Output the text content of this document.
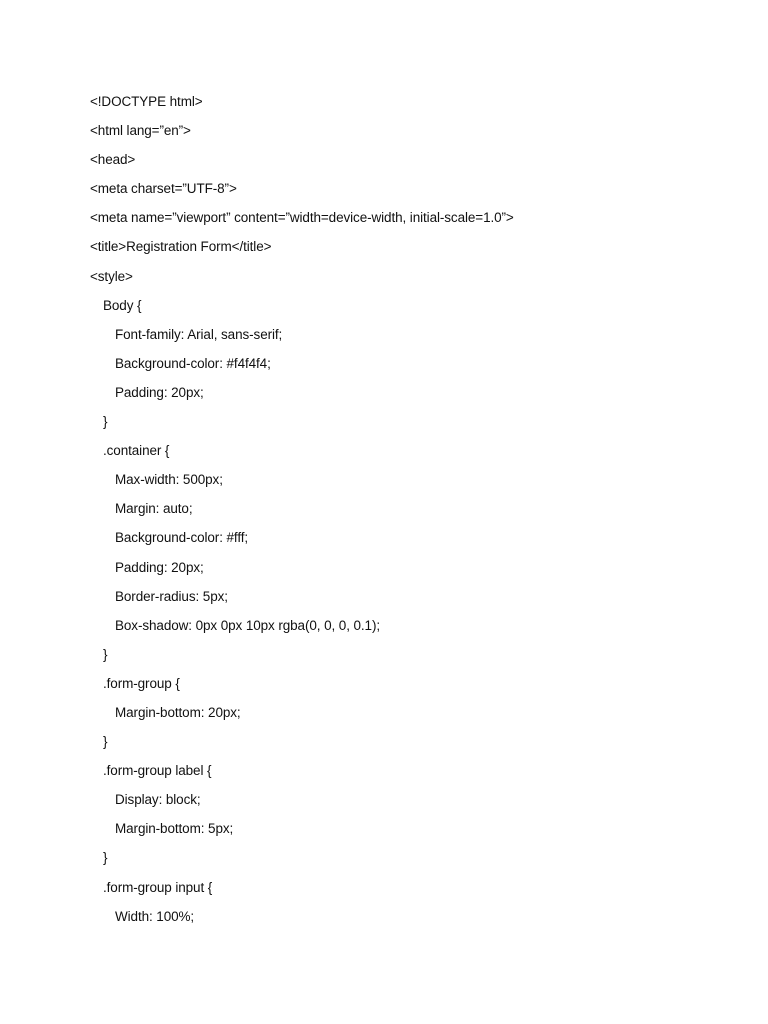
<!DOCTYPE html>
<html lang=”en”>
<head>
<meta charset=”UTF-8”>
<meta name=”viewport” content=”width=device-width, initial-scale=1.0”>
<title>Registration Form</title>
<style>
Body {
Font-family: Arial, sans-serif;
Background-color: #f4f4f4;
Padding: 20px;
}
.container {
Max-width: 500px;
Margin: auto;
Background-color: #fff;
Padding: 20px;
Border-radius: 5px;
Box-shadow: 0px 0px 10px rgba(0, 0, 0, 0.1);
}
.form-group {
Margin-bottom: 20px;
}
.form-group label {
Display: block;
Margin-bottom: 5px;
}
.form-group input {
Width: 100%;
